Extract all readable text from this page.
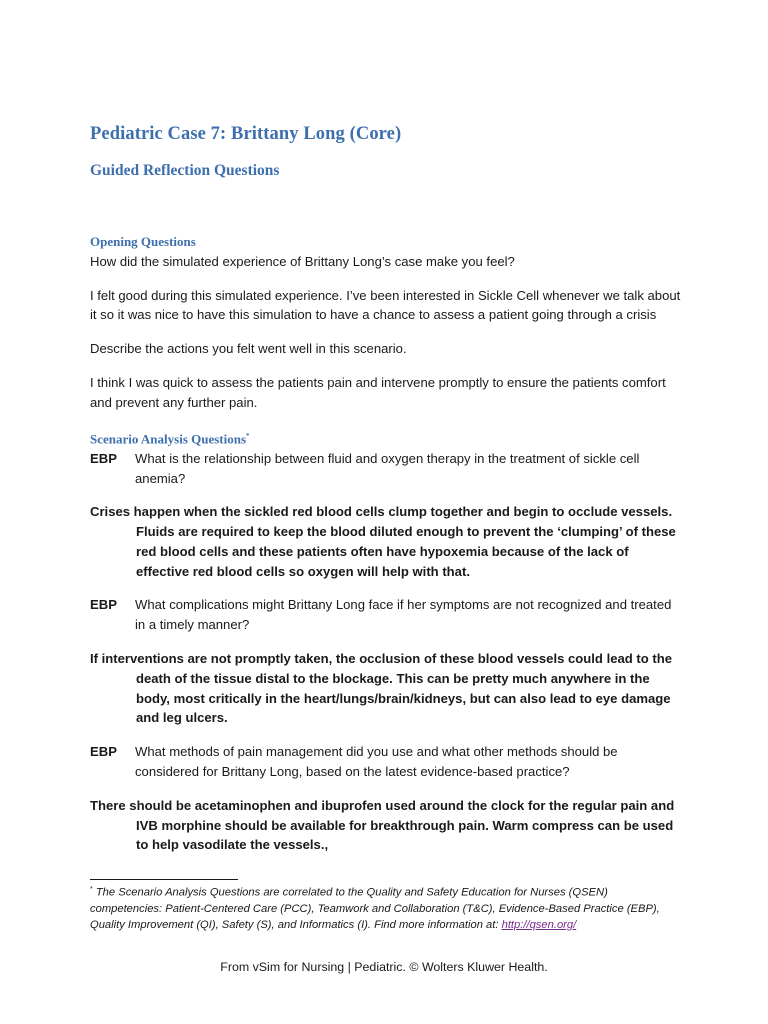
Pediatric Case 7: Brittany Long (Core)
Guided Reflection Questions
Opening Questions
How did the simulated experience of Brittany Long’s case make you feel?
I felt good during this simulated experience. I’ve been interested in Sickle Cell whenever we talk about it so it was nice to have this simulation to have a chance to assess a patient going through a crisis
Describe the actions you felt went well in this scenario.
I think I was quick to assess the patients pain and intervene promptly to ensure the patients comfort and prevent any further pain.
Scenario Analysis Questions*
EBP	What is the relationship between fluid and oxygen therapy in the treatment of sickle cell anemia?
Crises happen when the sickled red blood cells clump together and begin to occlude vessels. Fluids are required to keep the blood diluted enough to prevent the ‘clumping’ of these red blood cells and these patients often have hypoxemia because of the lack of effective red blood cells so oxygen will help with that.
EBP	What complications might Brittany Long face if her symptoms are not recognized and treated in a timely manner?
If interventions are not promptly taken, the occlusion of these blood vessels could lead to the death of the tissue distal to the blockage. This can be pretty much anywhere in the body, most critically in the heart/lungs/brain/kidneys, but can also lead to eye damage and leg ulcers.
EBP	What methods of pain management did you use and what other methods should be considered for Brittany Long, based on the latest evidence-based practice?
There should be acetaminophen and ibuprofen used around the clock for the regular pain and IVB morphine should be available for breakthrough pain. Warm compress can be used to help vasodilate the vessels.,
* The Scenario Analysis Questions are correlated to the Quality and Safety Education for Nurses (QSEN) competencies: Patient-Centered Care (PCC), Teamwork and Collaboration (T&C), Evidence-Based Practice (EBP), Quality Improvement (QI), Safety (S), and Informatics (I). Find more information at: http://qsen.org/
From vSim for Nursing | Pediatric. © Wolters Kluwer Health.
